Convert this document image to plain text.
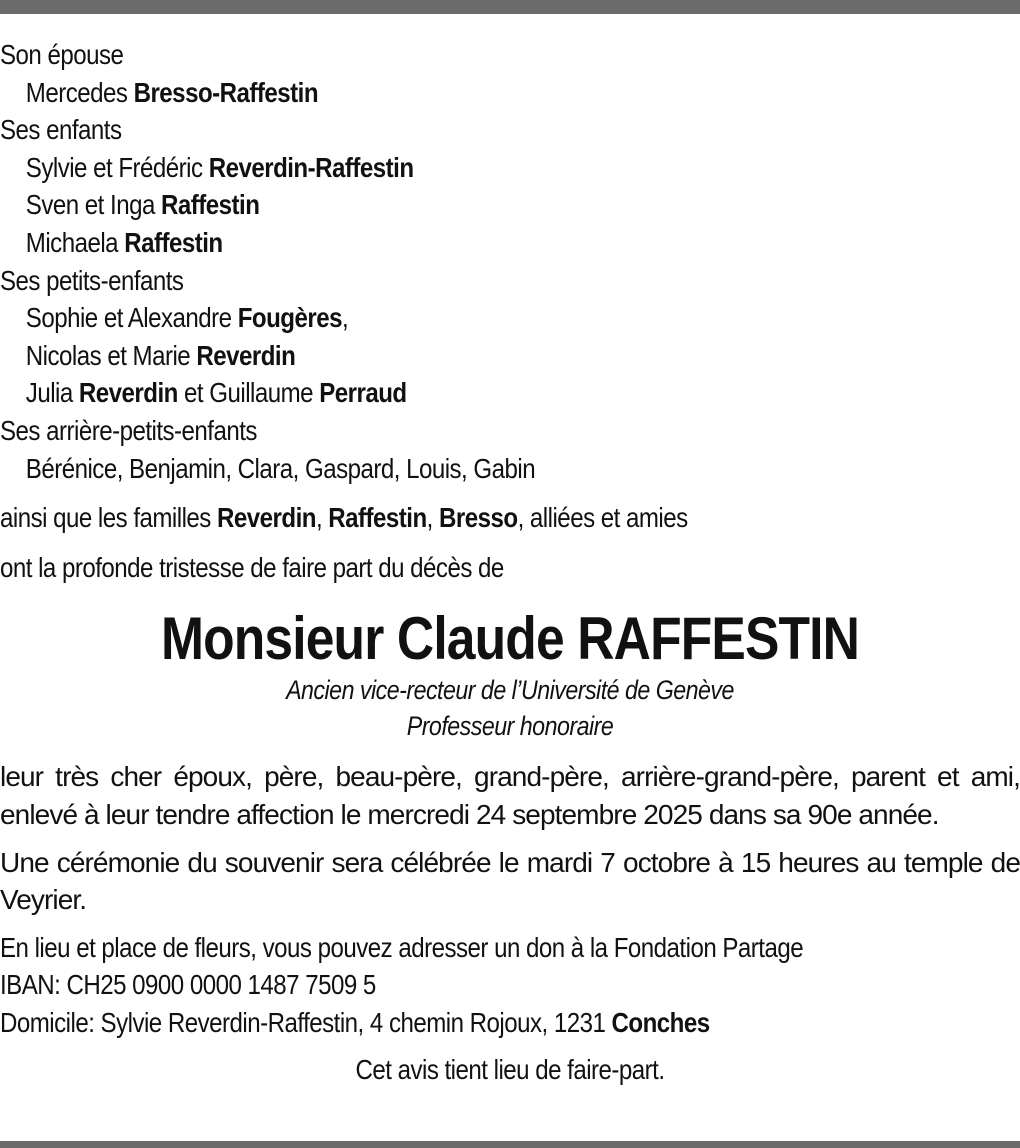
Son épouse
Mercedes Bresso-Raffestin
Ses enfants
Sylvie et Frédéric Reverdin-Raffestin
Sven et Inga Raffestin
Michaela Raffestin
Ses petits-enfants
Sophie et Alexandre Fougères,
Nicolas et Marie Reverdin
Julia Reverdin et Guillaume Perraud
Ses arrière-petits-enfants
Bérénice, Benjamin, Clara, Gaspard, Louis, Gabin
ainsi que les familles Reverdin, Raffestin, Bresso, alliées et amies
ont la profonde tristesse de faire part du décès de
Monsieur Claude RAFFESTIN
Ancien vice-recteur de l’Université de Genève
Professeur honoraire
leur très cher époux, père, beau-père, grand-père, arrière-grand-père, parent et ami, enlevé à leur tendre affection le mercredi 24 septembre 2025 dans sa 90e année.
Une cérémonie du souvenir sera célébrée le mardi 7 octobre à 15 heures au temple de Veyrier.
En lieu et place de fleurs, vous pouvez adresser un don à la Fondation Partage
IBAN: CH25 0900 0000 1487 7509 5
Domicile: Sylvie Reverdin-Raffestin, 4 chemin Rojoux, 1231 Conches
Cet avis tient lieu de faire-part.
